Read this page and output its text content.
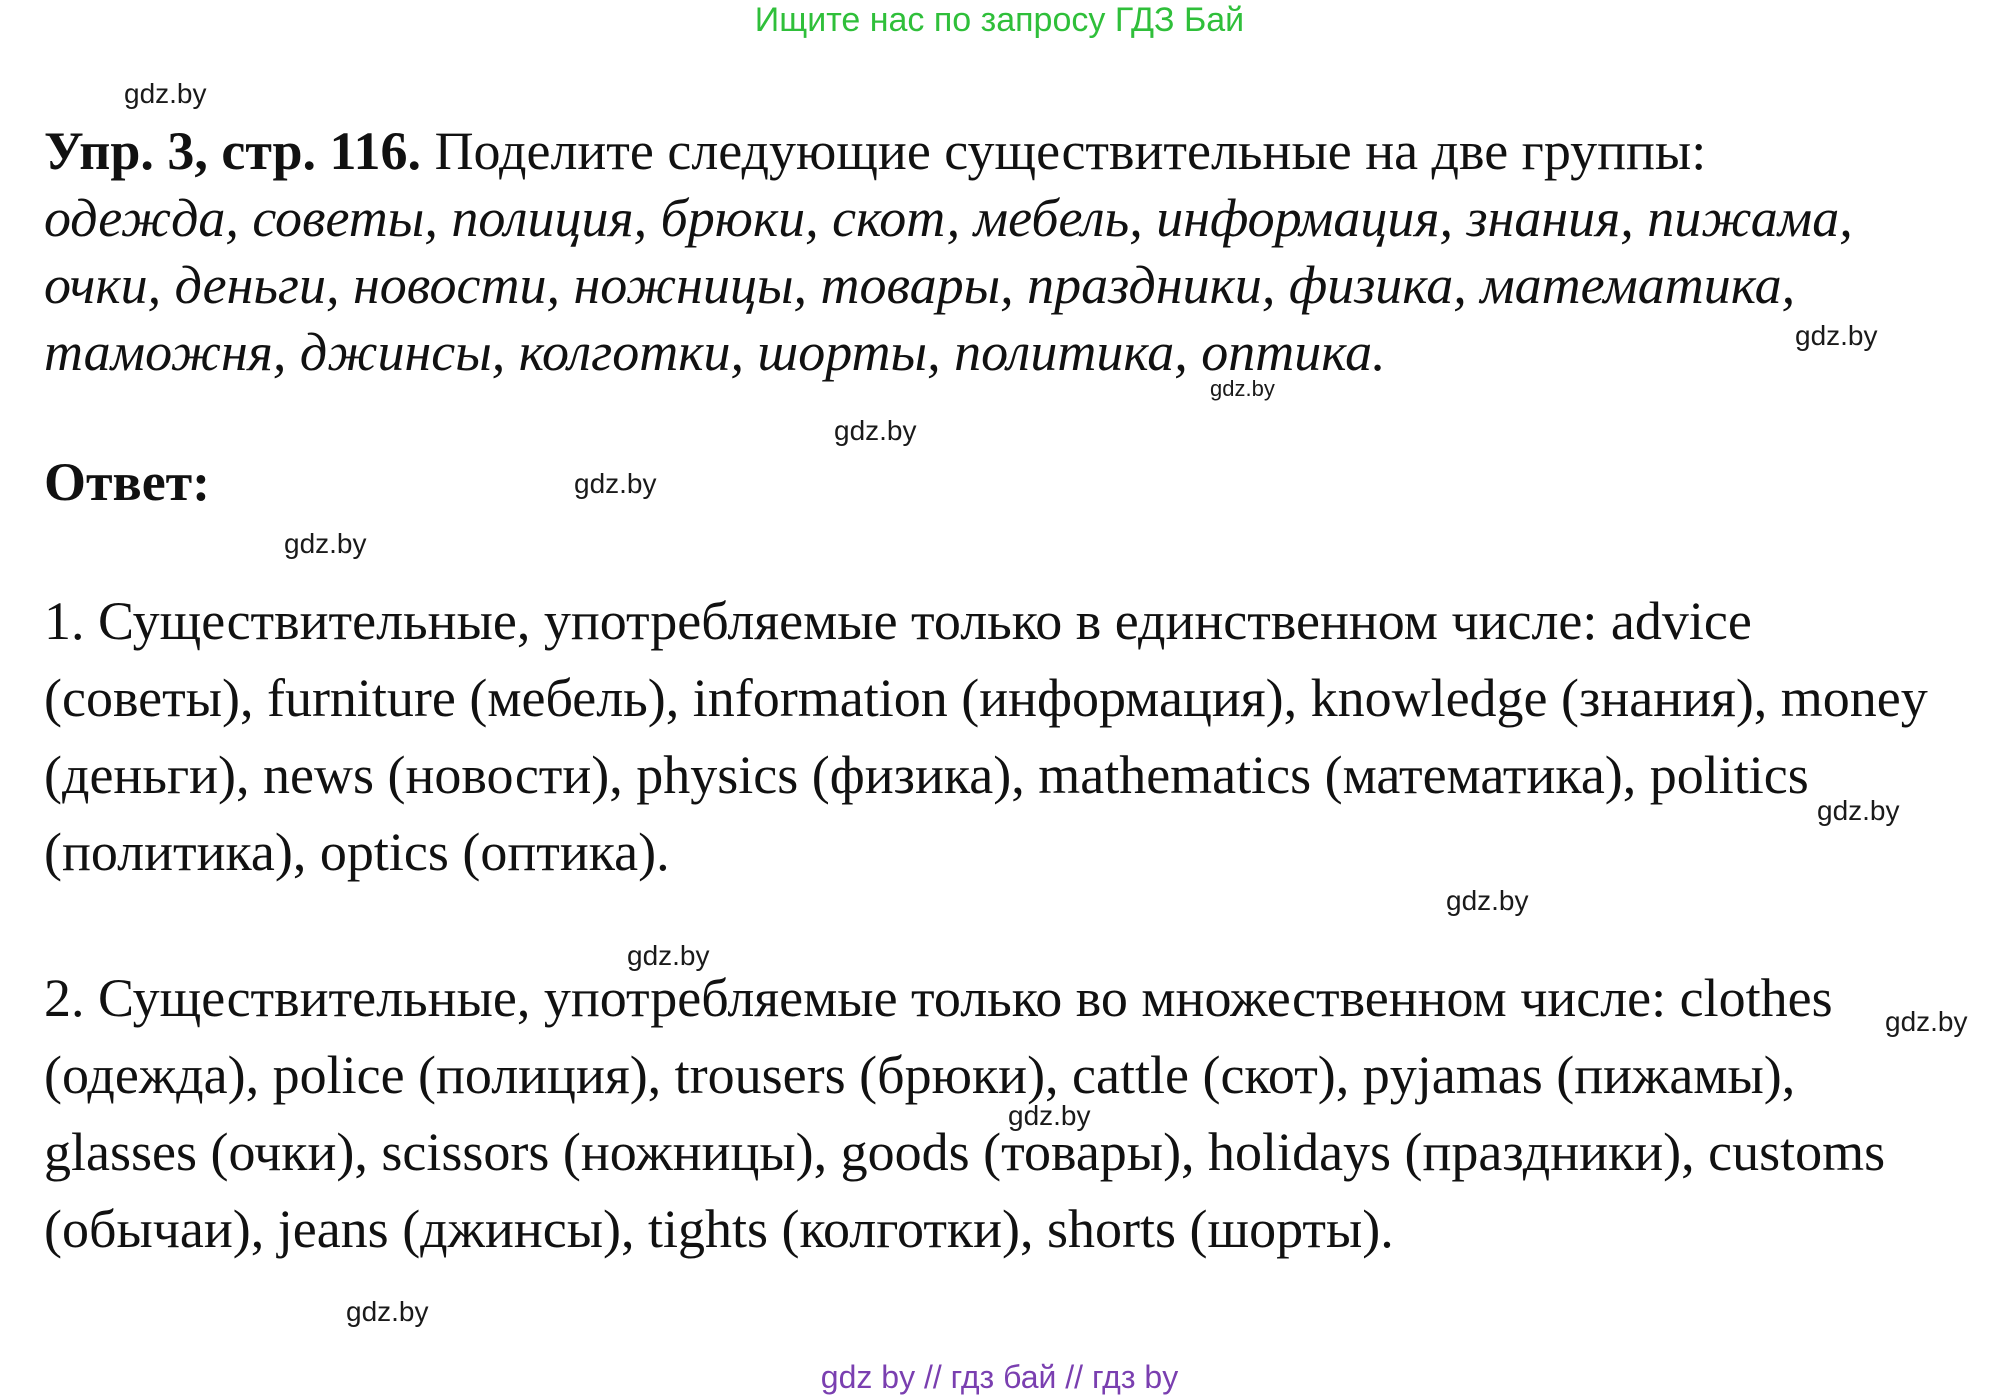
Ищите нас по запросу ГДЗ Бай
gdz.by
Упр. 3, стр. 116. Поделите следующие существительные на две группы: одежда, советы, полиция, брюки, скот, мебель, информация, знания, пижама, очки, деньги, новости, ножницы, товары, праздники, физика, математика, таможня, джинсы, колготки, шорты, политика, оптика.	gdz.by
gdz.by
gdz.by
Ответ:	gdz.by
gdz.by
1. Существительные, употребляемые только в единственном числе: advice (советы), furniture (мебель), information (информация), knowledge (знания), money (деньги), news (новости), physics (физика), mathematics (математика), politics (политика), optics (оптика).
gdz.by
gdz.by
gdz.by
gdz.by
2. Существительные, употребляемые только во множественном числе: clothes (одежда), police (полиция), trousers (брюки), cattle (скот), pyjamas (пижамы), glasses (очки), scissors (ножницы), goods (товары), holidays (праздники), customs (обычаи), jeans (джинсы), tights (колготки), shorts (шорты).
gdz.by
gdz.by
gdz by // гдз бай // гдз by
